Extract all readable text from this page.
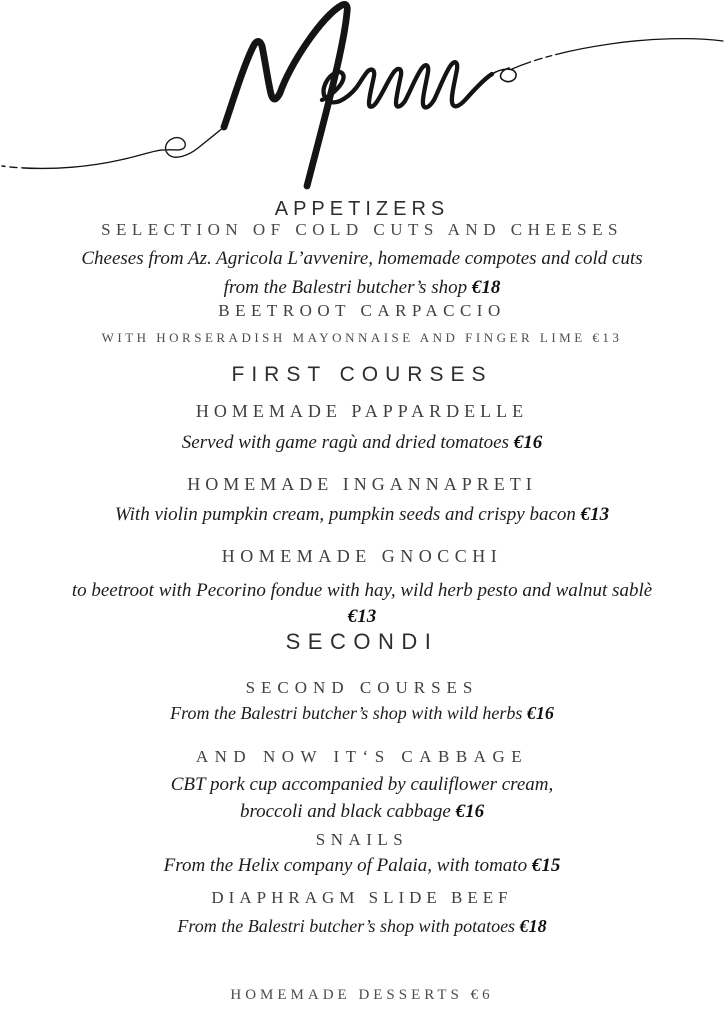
APPETIZERS
SELECTION OF COLD CUTS AND CHEESES
Cheeses from Az. Agricola L’avvenire, homemade compotes and cold cuts
from the Balestri butcher’s shop €18
BEETROOT CARPACCIO
WITH HORSERADISH MAYONNAISE AND FINGER LIME €13
FIRST COURSES
HOMEMADE PAPPARDELLE
Served with game ragù and dried tomatoes €16
HOMEMADE INGANNAPRETI
With violin pumpkin cream, pumpkin seeds and crispy bacon €13
HOMEMADE GNOCCHI
to beetroot with Pecorino fondue with hay, wild herb pesto and walnut sablè
€13
SECONDI
SECOND COURSES
From the Balestri butcher’s shop with wild herbs €16
AND NOW IT‘S CABBAGE
CBT pork cup accompanied by cauliflower cream,
broccoli and black cabbage €16
SNAILS
From the Helix company of Palaia, with tomato €15
DIAPHRAGM SLIDE BEEF
From the Balestri butcher’s shop with potatoes €18
HOMEMADE DESSERTS €6
